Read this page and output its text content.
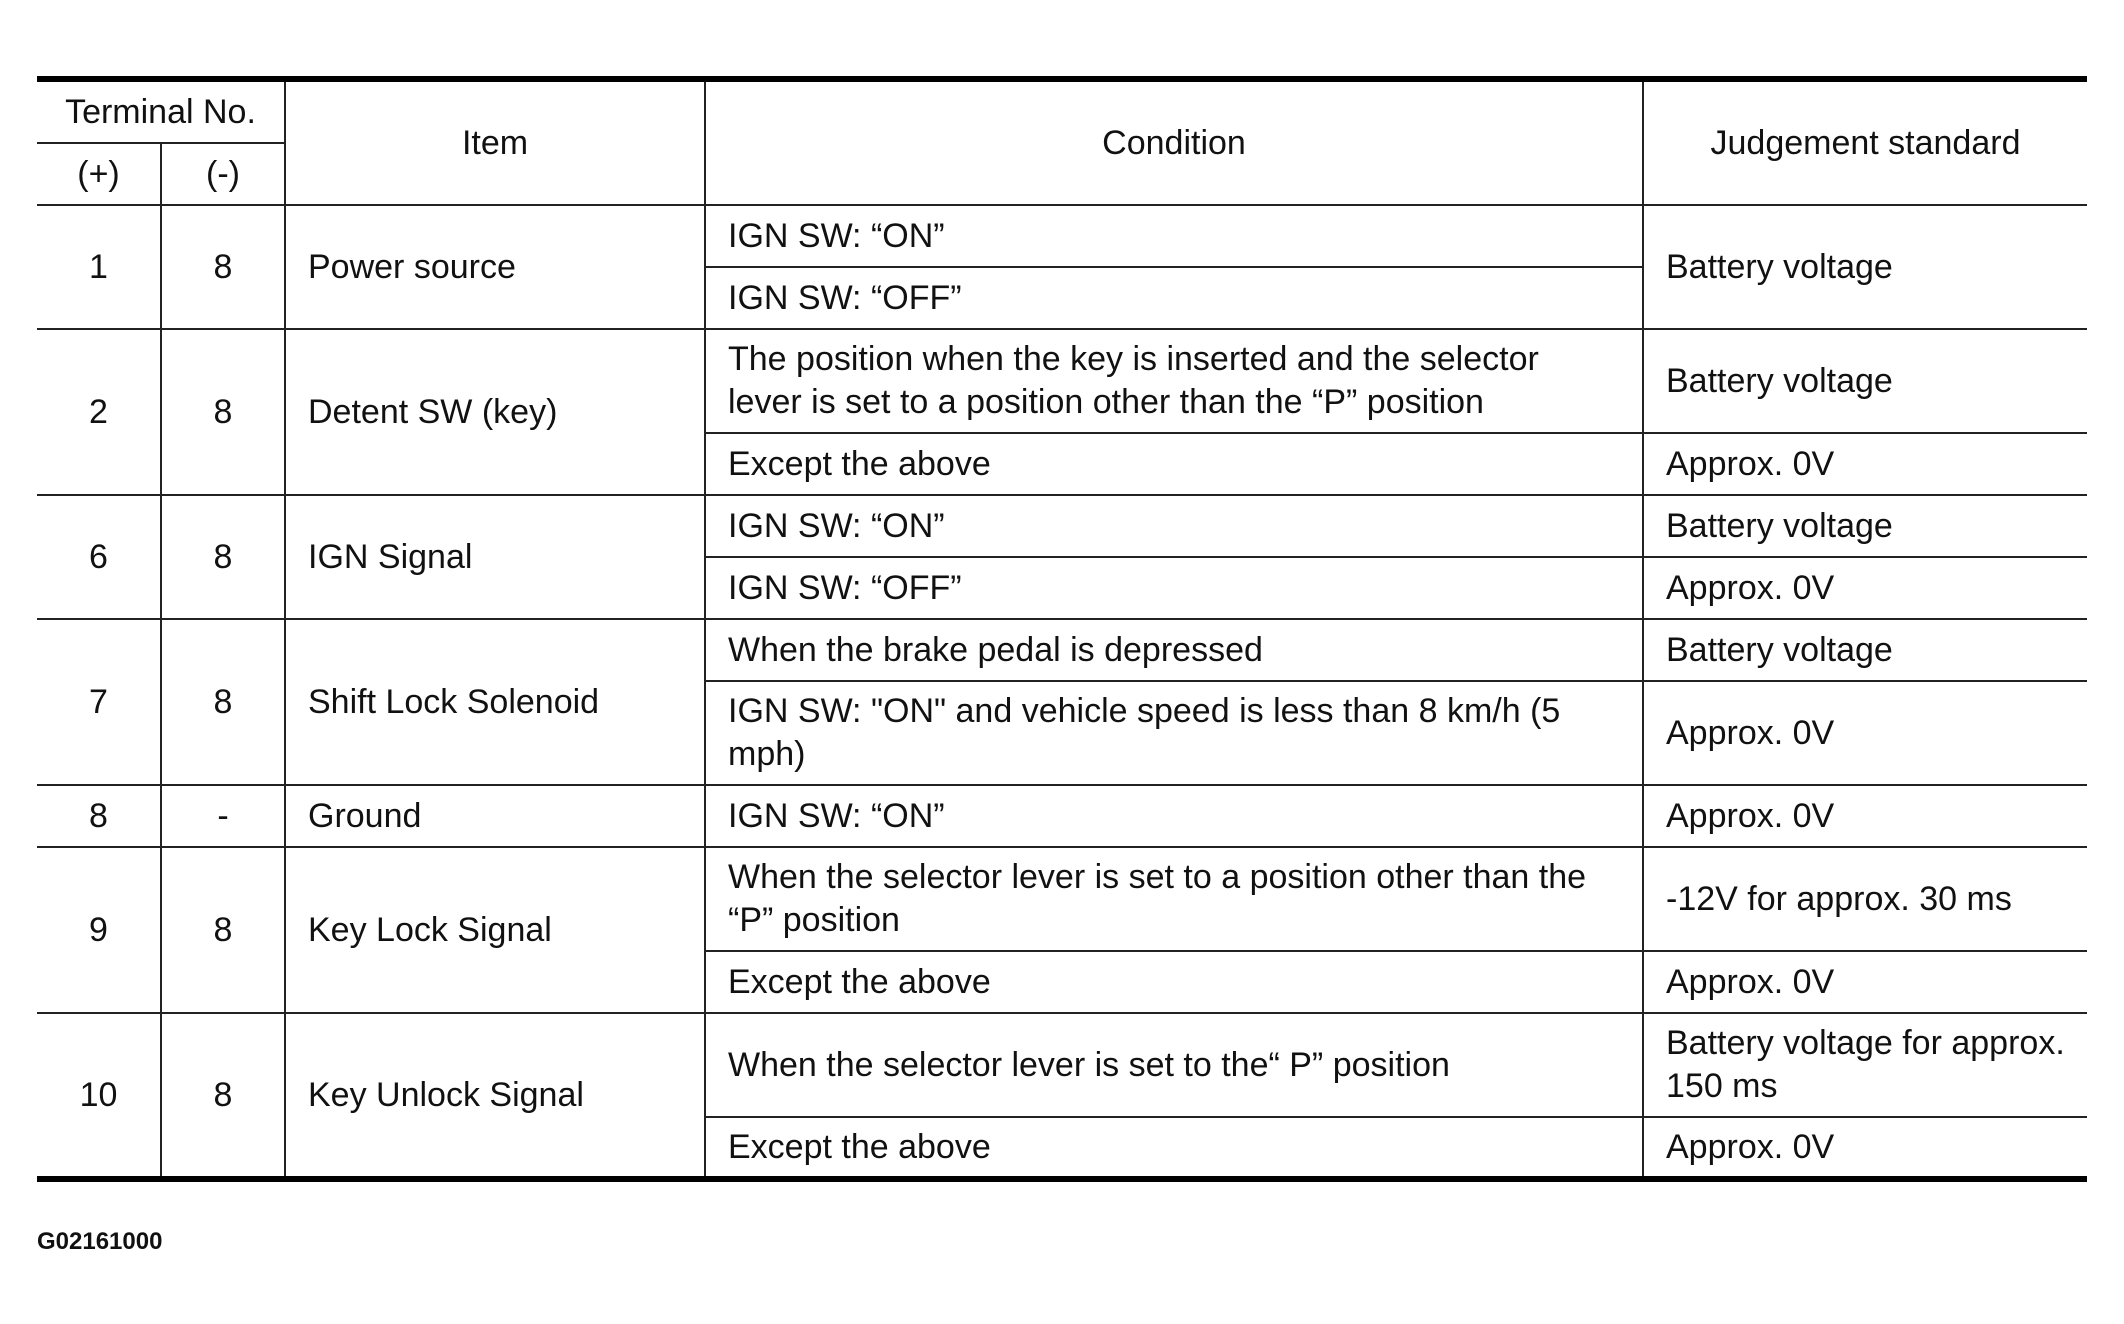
Terminal No.		Item	Condition	Judgement standard
(+)	(-)			
1	8	Power source	IGN SW: “ON”	Battery voltage
			IGN SW: “OFF”	
2	8	Detent SW (key)	The position when the key is inserted and the selector
lever is set to a position other than the “P” position	Battery voltage
			Except the above	Approx. 0V
6	8	IGN Signal	IGN SW: “ON”	Battery voltage
			IGN SW: “OFF”	Approx. 0V
7	8	Shift Lock Solenoid	When the brake pedal is depressed	Battery voltage
			IGN SW: "ON" and vehicle speed is less than 8 km/h (5
mph)	Approx. 0V
8	-	Ground	IGN SW: “ON”	Approx. 0V
9	8	Key Lock Signal	When the selector lever is set to a position other than the
“P” position	-12V for approx. 30 ms
			Except the above	Approx. 0V
10	8	Key Unlock Signal	When the selector lever is set to the“ P” position	Battery voltage for approx.
150 ms
			Except the above	Approx. 0V
G02161000
